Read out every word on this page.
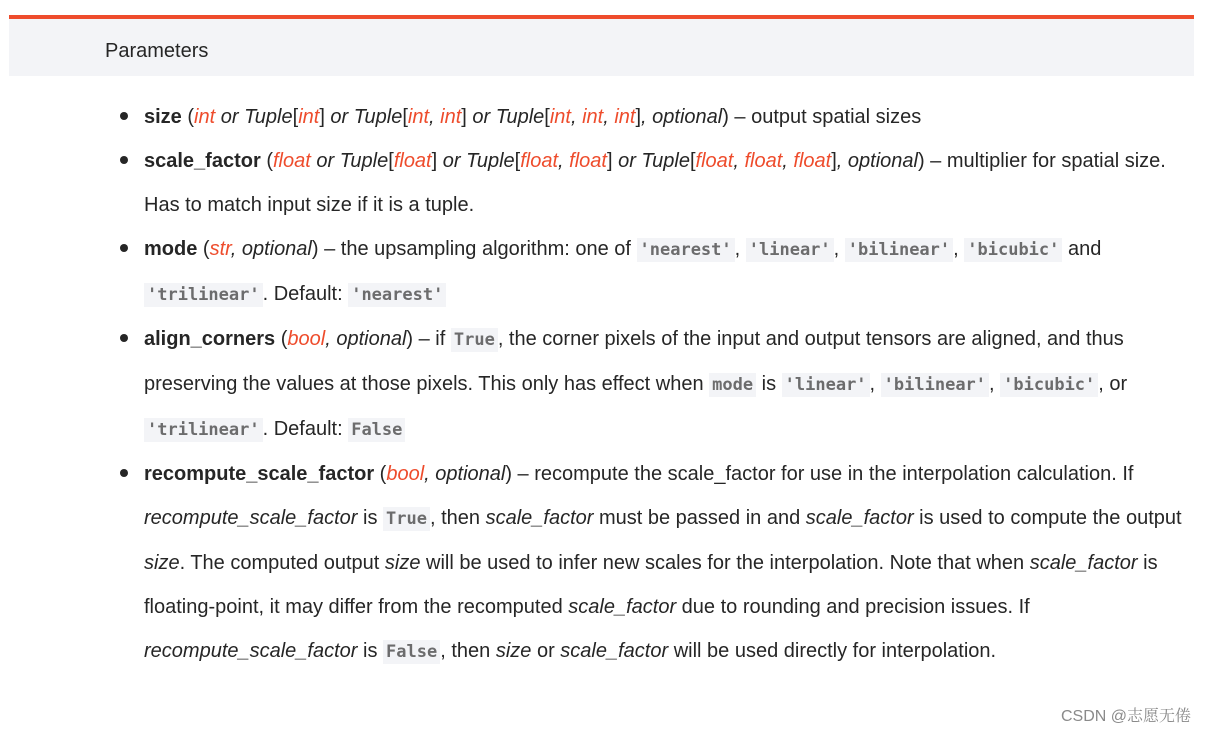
Parameters
size (int or Tuple[int] or Tuple[int, int] or Tuple[int, int, int], optional) – output spatial sizes
scale_factor (float or Tuple[float] or Tuple[float, float] or Tuple[float, float, float], optional) – multiplier for spatial size. Has to match input size if it is a tuple.
mode (str, optional) – the upsampling algorithm: one of 'nearest' , 'linear' , 'bilinear' , 'bicubic' and 'trilinear' . Default: 'nearest'
align_corners (bool, optional) – if True , the corner pixels of the input and output tensors are aligned, and thus preserving the values at those pixels. This only has effect when mode is 'linear' , 'bilinear' , 'bicubic' , or 'trilinear' . Default: False
recompute_scale_factor (bool, optional) – recompute the scale_factor for use in the interpolation calculation. If recompute_scale_factor is True , then scale_factor must be passed in and scale_factor is used to compute the output size. The computed output size will be used to infer new scales for the interpolation. Note that when scale_factor is floating-point, it may differ from the recomputed scale_factor due to rounding and precision issues. If recompute_scale_factor is False , then size or scale_factor will be used directly for interpolation.
CSDN @志愿无倦
